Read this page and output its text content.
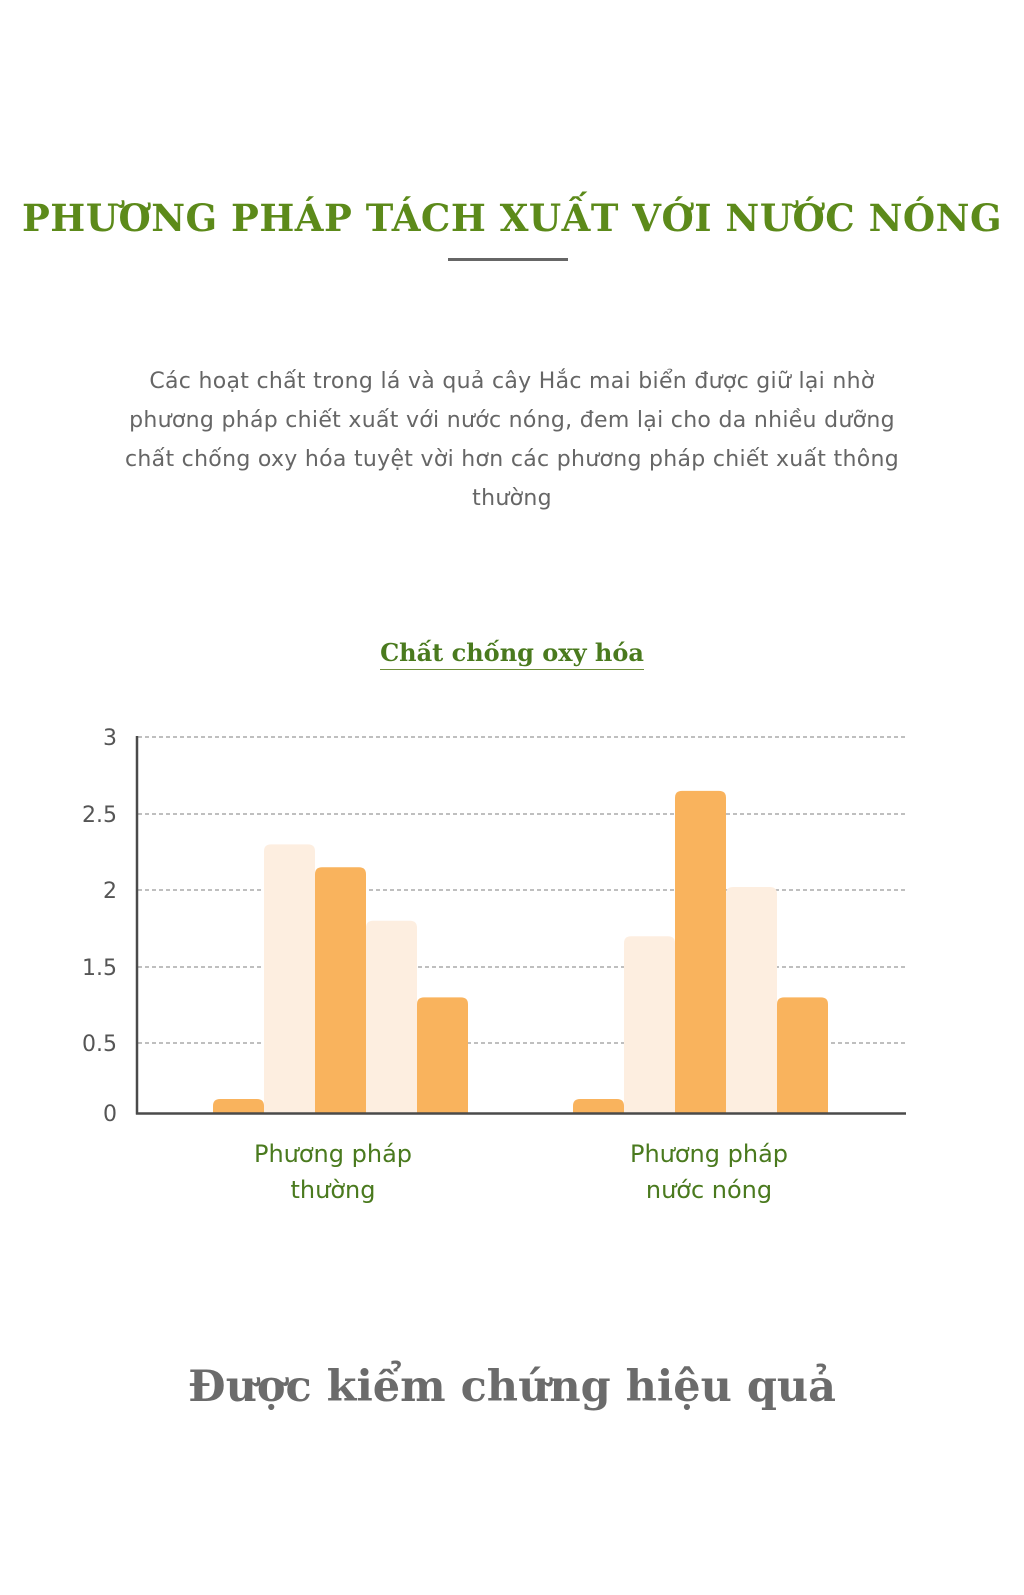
PHƯƠNG PHÁP TÁCH XUẤT VỚI NƯỚC NÓNG

Các hoạt chất trong lá và quả cây Hắc mai biển được giữ lại nhờ phương pháp chiết xuất với nước nóng, đem lại cho da nhiều dưỡng chất chống oxy hóa tuyệt vời hơn các phương pháp chiết xuất thông thường

Chất chống oxy hóa
0
0.5
1.5
2
2.5
3
Phương pháp thường
Phương pháp nước nóng
Được kiểm chứng hiệu quả
